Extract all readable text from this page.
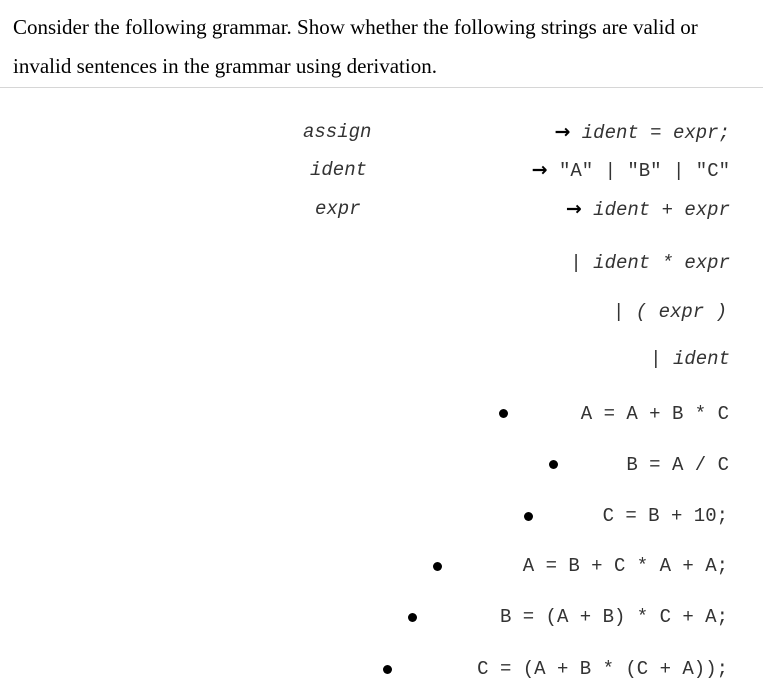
Consider the following grammar. Show whether the following strings are valid or invalid sentences in the grammar using derivation.

assign
ident
expr
→ ident = expr;
→ "A" | "B" | "C"
→ ident + expr
| ident * expr
| ( expr )
| ident
A = A + B * C
B = A / C
C = B + 10;
A = B + C * A + A;
B = (A + B) * C + A;
C = (A + B * (C + A));
